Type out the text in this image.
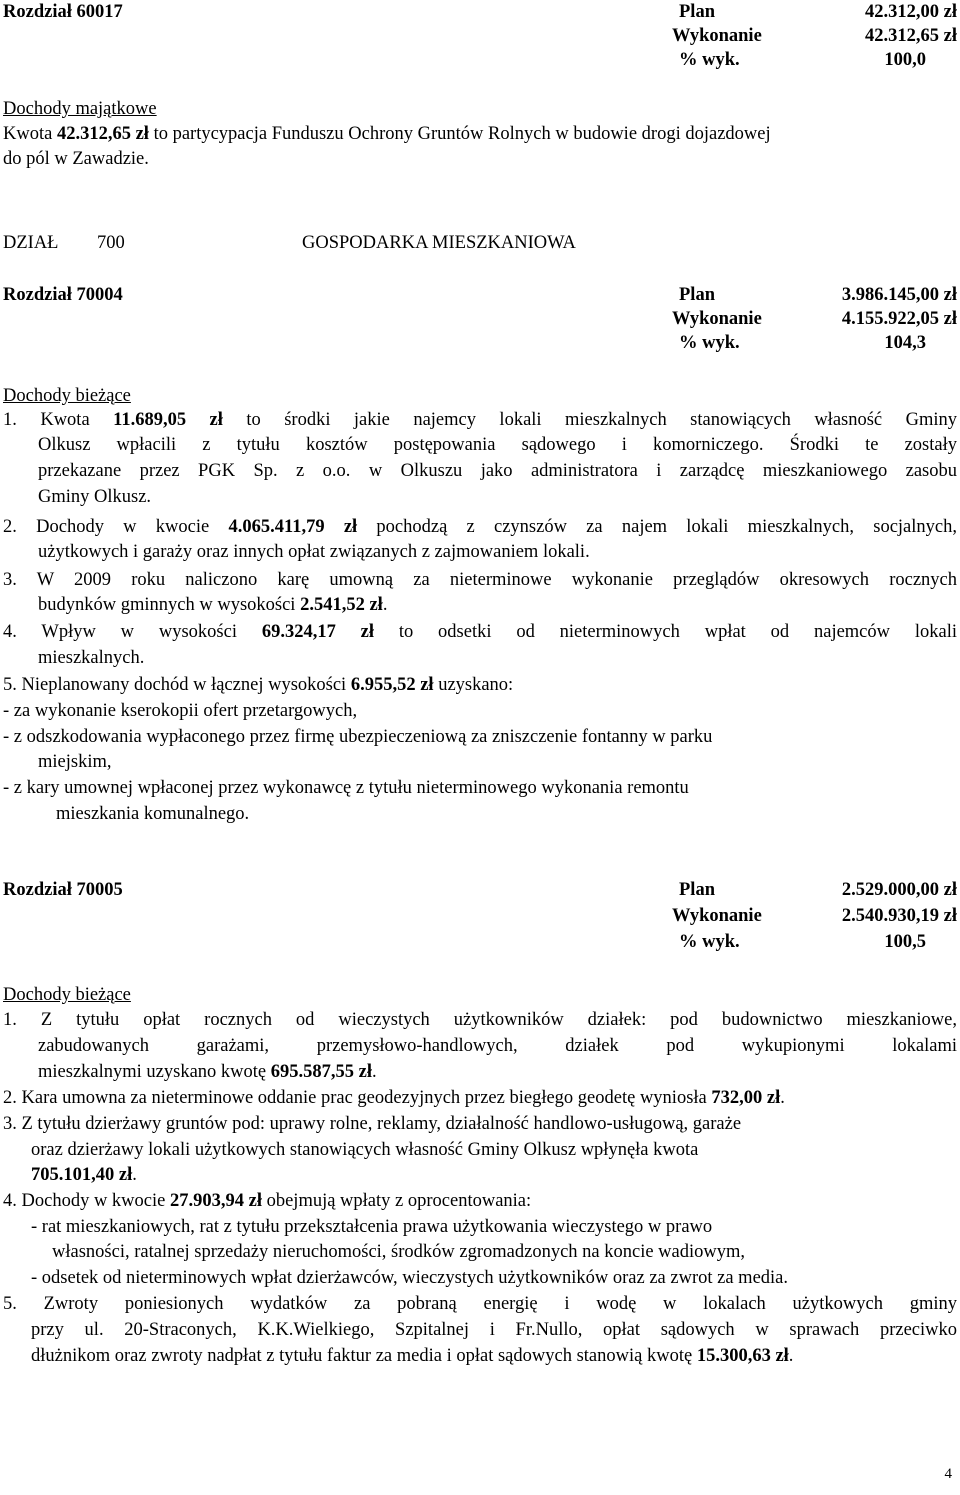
Rozdział 60017	Plan	42.312,00 zł
Wykonanie	42.312,65 zł
% wyk.	100,0
Dochody majątkowe
Kwota 42.312,65 zł to partycypacja Funduszu Ochrony Gruntów Rolnych w budowie drogi dojazdowej
do pól w Zawadzie.
DZIAŁ 700	GOSPODARKA MIESZKANIOWA
Rozdział 70004	Plan	3.986.145,00 zł
Wykonanie	4.155.922,05 zł
% wyk.	104,3
Dochody bieżące
1. Kwota 11.689,05 zł to środki jakie najemcy lokali mieszkalnych stanowiących własność Gminy
Olkusz wpłacili z tytułu kosztów postępowania sądowego i komorniczego. Środki te zostały
przekazane przez PGK Sp. z o.o. w Olkuszu jako administratora i zarządcę mieszkaniowego zasobu
Gminy Olkusz.
2. Dochody w kwocie 4.065.411,79 zł pochodzą z czynszów za najem lokali mieszkalnych, socjalnych,
użytkowych i garaży oraz innych opłat związanych z zajmowaniem lokali.
3. W 2009 roku naliczono karę umowną za nieterminowe wykonanie przeglądów okresowych rocznych
budynków gminnych w wysokości 2.541,52 zł.
4. Wpływ w wysokości 69.324,17 zł to odsetki od nieterminowych wpłat od najemców lokali
mieszkalnych.
5. Nieplanowany dochód w łącznej wysokości 6.955,52 zł uzyskano:
- za wykonanie kserokopii ofert przetargowych,
- z odszkodowania wypłaconego przez firmę ubezpieczeniową za zniszczenie fontanny w parku
miejskim,
- z kary umownej wpłaconej przez wykonawcę z tytułu nieterminowego wykonania remontu
mieszkania komunalnego.
Rozdział 70005	Plan	2.529.000,00 zł
Wykonanie	2.540.930,19 zł
% wyk.	100,5
Dochody bieżące
1. Z tytułu opłat rocznych od wieczystych użytkowników działek: pod budownictwo mieszkaniowe,
zabudowanych garażami, przemysłowo-handlowych, działek pod wykupionymi lokalami
mieszkalnymi uzyskano kwotę 695.587,55 zł.
2. Kara umowna za nieterminowe oddanie prac geodezyjnych przez biegłego geodetę wyniosła 732,00 zł.
3. Z tytułu dzierżawy gruntów pod: uprawy rolne, reklamy, działalność handlowo-usługową, garaże
oraz dzierżawy lokali użytkowych stanowiących własność Gminy Olkusz wpłynęła kwota
705.101,40 zł.
4. Dochody w kwocie 27.903,94 zł obejmują wpłaty z oprocentowania:
- rat mieszkaniowych, rat z tytułu przekształcenia prawa użytkowania wieczystego w prawo
własności, ratalnej sprzedaży nieruchomości, środków zgromadzonych na koncie wadiowym,
- odsetek od nieterminowych wpłat dzierżawców, wieczystych użytkowników oraz za zwrot za media.
5. Zwroty poniesionych wydatków za pobraną energię i wodę w lokalach użytkowych gminy
przy ul. 20-Straconych, K.K.Wielkiego, Szpitalnej i Fr.Nullo, opłat sądowych w sprawach przeciwko
dłużnikom oraz zwroty nadpłat z tytułu faktur za media i opłat sądowych stanowią kwotę 15.300,63 zł.
4
